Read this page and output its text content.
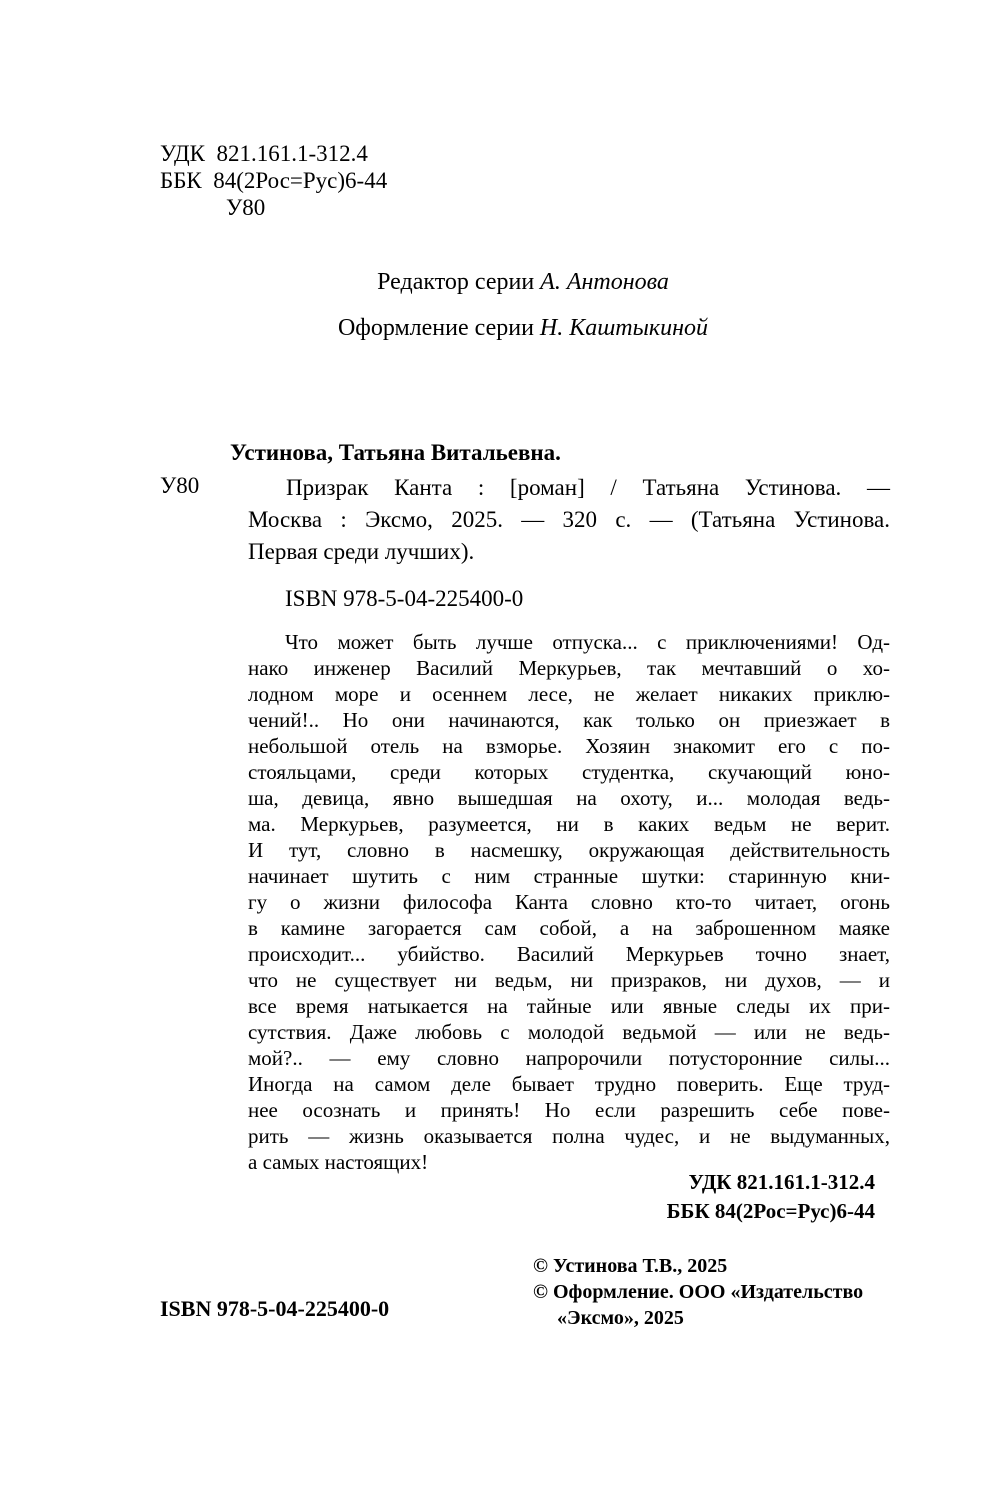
УДК  821.161.1-312.4
ББК  84(2Рос=Рус)6-44
У80
Редактор серии А. Антонова
Оформление серии Н. Каштыкиной
Устинова, Татьяна Витальевна.
У80	Призрак Канта : [роман] / Татьяна Устинова. —
Москва : Эксмо, 2025. — 320 с. — (Татьяна Устинова.
Первая среди лучших).
ISBN 978-5-04-225400-0
Что может быть лучше отпуска... с приключениями! Од-
нако инженер Василий Меркурьев, так мечтавший о хо-
лодном море и осеннем лесе, не желает никаких приклю-
чений!.. Но они начинаются, как только он приезжает в
небольшой отель на взморье. Хозяин знакомит его с по-
стояльцами, среди которых студентка, скучающий юно-
ша, девица, явно вышедшая на охоту, и... молодая ведь-
ма. Меркурьев, разумеется, ни в каких ведьм не верит.
И тут, словно в насмешку, окружающая действительность
начинает шутить с ним странные шутки: старинную кни-
гу о жизни философа Канта словно кто-то читает, огонь
в камине загорается сам собой, а на заброшенном маяке
происходит... убийство. Василий Меркурьев точно знает,
что не существует ни ведьм, ни призраков, ни духов, — и
все время натыкается на тайные или явные следы их при-
сутствия. Даже любовь с молодой ведьмой — или не ведь-
мой?.. — ему словно напророчили потусторонние силы...
Иногда на самом деле бывает трудно поверить. Еще труд-
нее осознать и принять! Но если разрешить себе пове-
рить — жизнь оказывается полна чудес, и не выдуманных,
а самых настоящих!
УДК 821.161.1-312.4
ББК 84(2Рос=Рус)6-44
© Устинова Т.В., 2025
© Оформление. ООО «Издательство
«Эксмо», 2025
ISBN 978-5-04-225400-0
